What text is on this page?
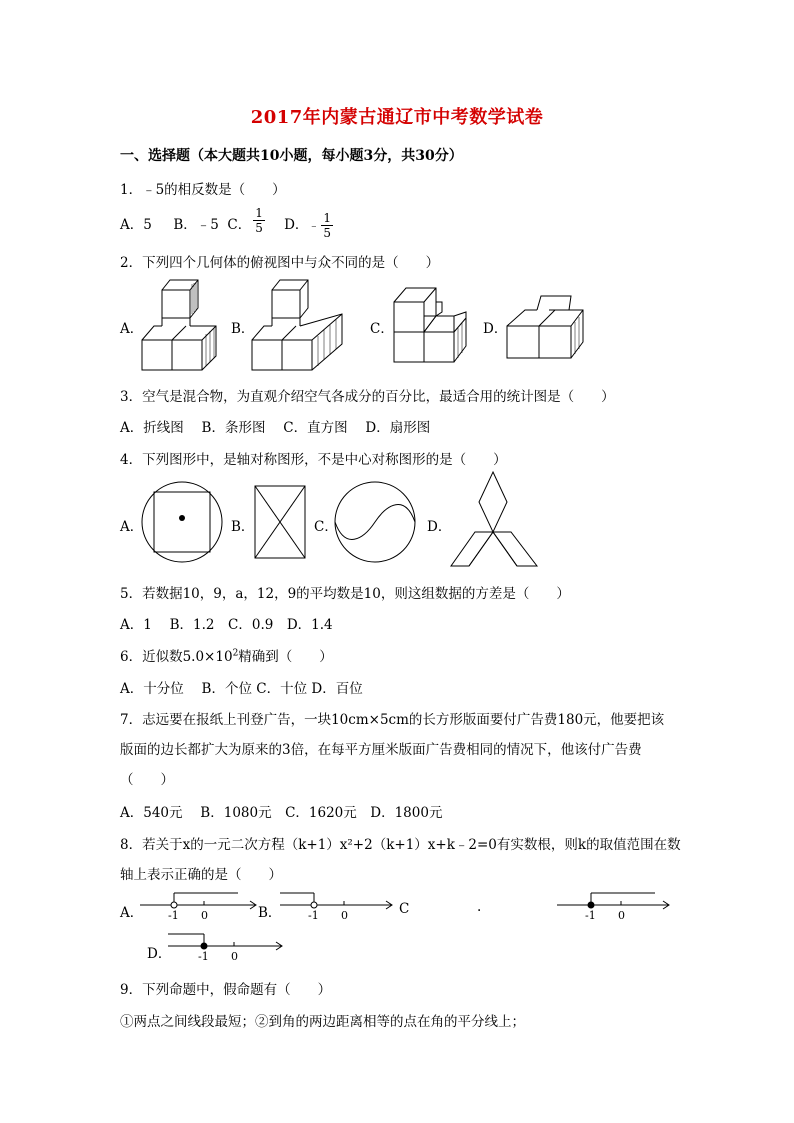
2017年内蒙古通辽市中考数学试卷
一、选择题（本大题共10小题，每小题3分，共30分）
1．﹣5的相反数是（　　）
A．5 B．﹣5 C． $\frac{1}{5}$ D．﹣ $\frac{1}{5}$
2．下列四个几何体的俯视图中与众不同的是（　　）
A．	B．	C．	D．
3．空气是混合物，为直观介绍空气各成分的百分比，最适合用的统计图是（　　）
A．折线图　 B．条形图　 C．直方图　 D．扇形图
4．下列图形中，是轴对称图形，不是中心对称图形的是（　　）
A．	B．	C．	D．
5．若数据10，9，a，12，9的平均数是10，则这组数据的方差是（　　）
A．1　 B．1.2　C．0.9　D．1.4
6．近似数$5.0\times 10^2$精确到（　　）
A．十分位　 B．个位 C．十位 D．百位
7．志远要在报纸上刊登广告，一块10cm×5cm的长方形版面要付广告费180元，他要把该
版面的边长都扩大为原来的3倍，在每平方厘米版面广告费相同的情况下，他该付广告费
（　　）
A．540元　 B．1080元　C．1620元　D．1800元
8．若关于x的一元二次方程（k+1）x²+2（k+1）x+k﹣2=0有实数根，则k的取值范围在数
轴上表示正确的是（　　）
A． -1 0	B． -1 0	C	.
-1 0
D． -1 0
9．下列命题中，假命题有（　　）
①两点之间线段最短；②到角的两边距离相等的点在角的平分线上；
